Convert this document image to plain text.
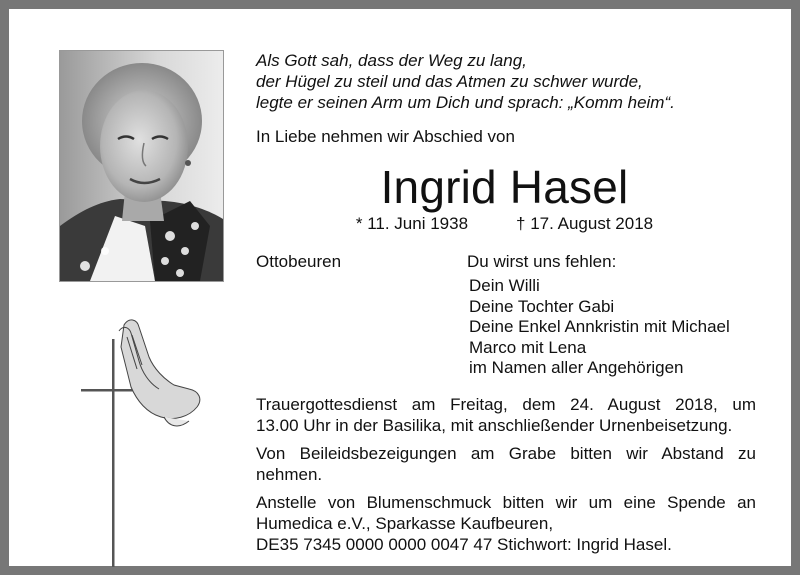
Als Gott sah, dass der Weg zu lang,
der Hügel zu steil und das Atmen zu schwer wurde,
legte er seinen Arm um Dich und sprach: „Komm heim“.
In Liebe nehmen wir Abschied von
Ingrid Hasel
* 11. Juni 1938	† 17. August 2018
Ottobeuren	Du wirst uns fehlen:
Dein Willi
Deine Tochter Gabi
Deine Enkel Annkristin mit Michael
Marco mit Lena
im Namen aller Angehörigen

Trauergottesdienst am Freitag, dem 24. August 2018, um
13.00 Uhr in der Basilika, mit anschließender Urnenbeisetzung.

Von Beileidsbezeigungen am Grabe bitten wir Abstand zu
nehmen.

Anstelle von Blumenschmuck bitten wir um eine Spende an
Humedica e.V., Sparkasse Kaufbeuren,
DE35 7345 0000 0000 0047 47 Stichwort: Ingrid Hasel.
